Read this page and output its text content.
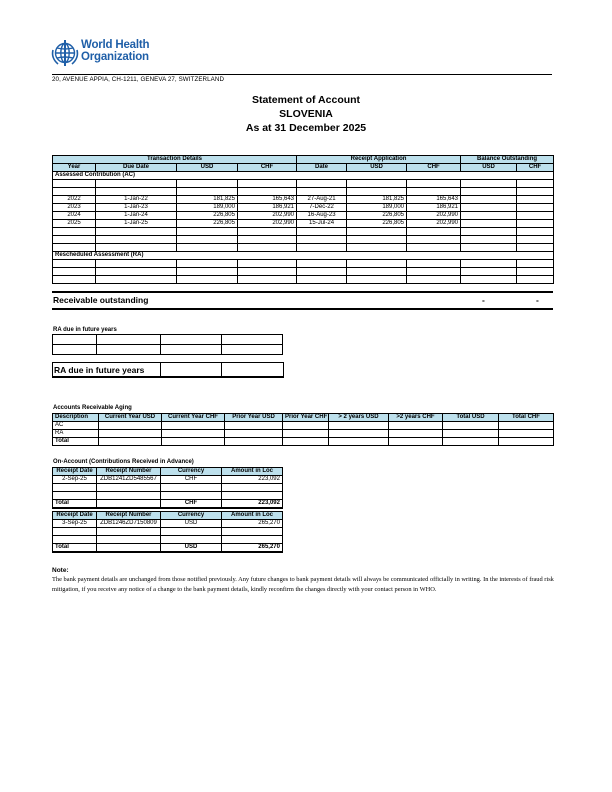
World Health
Organization
20, AVENUE APPIA, CH-1211, GENEVA 27, SWITZERLAND
Statement of Account
SLOVENIA
As at 31 December 2025
Transaction Details				Receipt Application			Balance Outstanding	
Year	Due Date	USD	CHF	Date	USD	CHF	USD	CHF
Assessed Contribution (AC)								

2022	1-Jan-22	181,825	165,643	27-Aug-21	181,825	165,643		
2023	1-Jan-23	189,000	186,921	7-Dec-22	189,000	186,921		
2024	1-Jan-24	226,805	202,990	16-Aug-23	226,805	202,990		
2025	1-Jan-25	226,805	202,990	15-Jul-24	226,805	202,990		

Rescheduled Assessment (RA)								

Receivable outstanding	-	-
RA due in future years

RA due in future years
Accounts Receivable Aging
Description	Current Year USD	Current Year CHF	Prior Year USD	Prior Year CHF	> 2 years USD	>2 years CHF	Total USD	Total CHF
AC								
RA								
Total								
On-Account (Contributions Received in Advance)
Receipt Date	Receipt Number	Currency	Amount in Loc
2-Sep-25	ZDB1241ZD5485567	CHF	223,092

Total		CHF	223,092
Receipt Date	Receipt Number	Currency	Amount in Loc
3-Sep-25	ZDB1246ZD7150809	USD	265,270

Total		USD	265,270
Note:
The bank payment details are unchanged from those notified previously. Any future changes to bank payment details will always be communicated officially in writing. In the interests of fraud risk mitigation, if you receive any notice of a change to the bank payment details, kindly reconfirm the changes directly with your contact person in WHO.
